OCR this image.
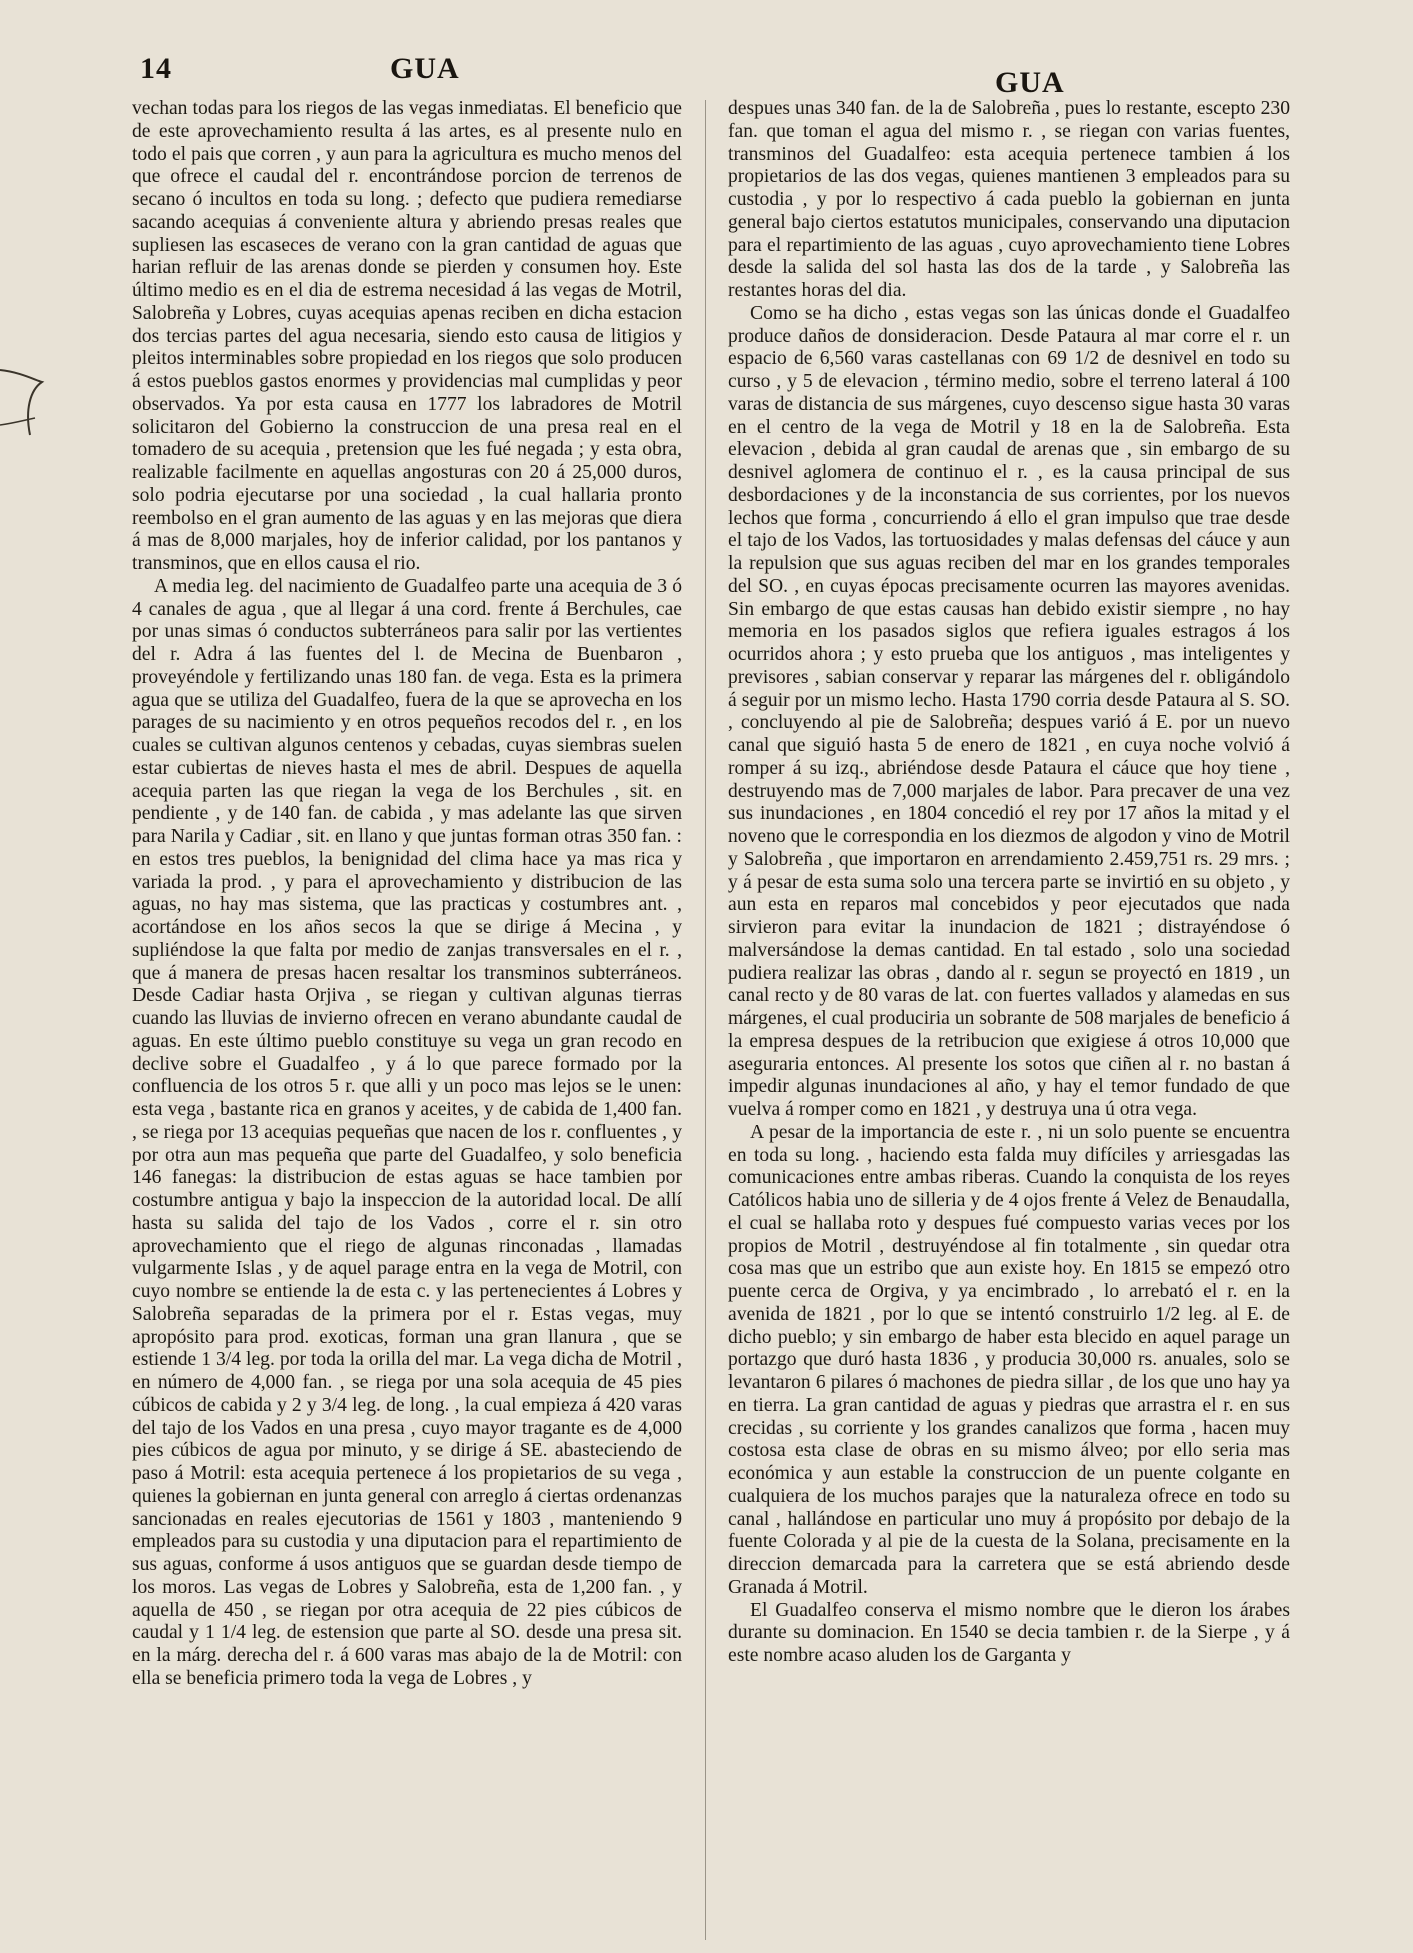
14	GUA	GUA

vechan todas para los riegos de las vegas inmediatas. El beneficio que de este aprovechamiento resulta á las artes, es al presente nulo en todo el pais que corren , y aun para la agricultura es mucho menos del que ofrece el caudal del r. encontrándose porcion de terrenos de secano ó incultos en toda su long. ; defecto que pudiera remediarse sacando acequias á conveniente altura y abriendo presas reales que supliesen las escaseces de verano con la gran cantidad de aguas que harian refluir de las arenas donde se pierden y consumen hoy. Este último medio es en el dia de estrema necesidad á las vegas de Motril, Salobreña y Lobres, cuyas acequias apenas reciben en dicha estacion dos tercias partes del agua necesaria, siendo esto causa de litigios y pleitos interminables sobre propiedad en los riegos que solo producen á estos pueblos gastos enormes y providencias mal cumplidas y peor observados. Ya por esta causa en 1777 los labradores de Motril solicitaron del Gobierno la construccion de una presa real en el tomadero de su acequia , pretension que les fué negada ; y esta obra, realizable facilmente en aquellas angosturas con 20 á 25,000 duros, solo podria ejecutarse por una sociedad , la cual hallaria pronto reembolso en el gran aumento de las aguas y en las mejoras que diera á mas de 8,000 marjales, hoy de inferior calidad, por los pantanos y transminos, que en ellos causa el rio.

A media leg. del nacimiento de Guadalfeo parte una acequia de 3 ó 4 canales de agua , que al llegar á una cord. frente á Berchules, cae por unas simas ó conductos subterráneos para salir por las vertientes del r. Adra á las fuentes del l. de Mecina de Buenbaron , proveyéndole y fertilizando unas 180 fan. de vega. Esta es la primera agua que se utiliza del Guadalfeo, fuera de la que se aprovecha en los parages de su nacimiento y en otros pequeños recodos del r. , en los cuales se cultivan algunos centenos y cebadas, cuyas siembras suelen estar cubiertas de nieves hasta el mes de abril. Despues de aquella acequia parten las que riegan la vega de los Berchules , sit. en pendiente , y de 140 fan. de cabida , y mas adelante las que sirven para Narila y Cadiar , sit. en llano y que juntas forman otras 350 fan. : en estos tres pueblos, la benignidad del clima hace ya mas rica y variada la prod. , y para el aprovechamiento y distribucion de las aguas, no hay mas sistema, que las practicas y costumbres ant. , acortándose en los años secos la que se dirige á Mecina , y supliéndose la que falta por medio de zanjas transversales en el r. , que á manera de presas hacen resaltar los transminos subterráneos. Desde Cadiar hasta Orjiva , se riegan y cultivan algunas tierras cuando las lluvias de invierno ofrecen en verano abundante caudal de aguas. En este último pueblo constituye su vega un gran recodo en declive sobre el Guadalfeo , y á lo que parece formado por la confluencia de los otros 5 r. que alli y un poco mas lejos se le unen: esta vega , bastante rica en granos y aceites, y de cabida de 1,400 fan. , se riega por 13 acequias pequeñas que nacen de los r. confluentes , y por otra aun mas pequeña que parte del Guadalfeo, y solo beneficia 146 fanegas: la distribucion de estas aguas se hace tambien por costumbre antigua y bajo la inspeccion de la autoridad local. De allí hasta su salida del tajo de los Vados , corre el r. sin otro aprovechamiento que el riego de algunas rinconadas , llamadas vulgarmente Islas , y de aquel parage entra en la vega de Motril, con cuyo nombre se entiende la de esta c. y las pertenecientes á Lobres y Salobreña separadas de la primera por el r. Estas vegas, muy apropósito para prod. exoticas, forman una gran llanura , que se estiende 1 3/4 leg. por toda la orilla del mar. La vega dicha de Motril , en número de 4,000 fan. , se riega por una sola acequia de 45 pies cúbicos de cabida y 2 y 3/4 leg. de long. , la cual empieza á 420 varas del tajo de los Vados en una presa , cuyo mayor tragante es de 4,000 pies cúbicos de agua por minuto, y se dirige á SE. abasteciendo de paso á Motril: esta acequia pertenece á los propietarios de su vega , quienes la gobiernan en junta general con arreglo á ciertas ordenanzas sancionadas en reales ejecutorias de 1561 y 1803 , manteniendo 9 empleados para su custodia y una diputacion para el repartimiento de sus aguas, conforme á usos antiguos que se guardan desde tiempo de los moros. Las vegas de Lobres y Salobreña, esta de 1,200 fan. , y aquella de 450 , se riegan por otra acequia de 22 pies cúbicos de caudal y 1 1/4 leg. de estension que parte al SO. desde una presa sit. en la márg. derecha del r. á 600 varas mas abajo de la de Motril: con ella se beneficia primero toda la vega de Lobres , y

despues unas 340 fan. de la de Salobreña , pues lo restante, escepto 230 fan. que toman el agua del mismo r. , se riegan con varias fuentes, transminos del Guadalfeo: esta acequia pertenece tambien á los propietarios de las dos vegas, quienes mantienen 3 empleados para su custodia , y por lo respectivo á cada pueblo la gobiernan en junta general bajo ciertos estatutos municipales, conservando una diputacion para el repartimiento de las aguas , cuyo aprovechamiento tiene Lobres desde la salida del sol hasta las dos de la tarde , y Salobreña las restantes horas del dia.

Como se ha dicho , estas vegas son las únicas donde el Guadalfeo produce daños de donsideracion. Desde Pataura al mar corre el r. un espacio de 6,560 varas castellanas con 69 1/2 de desnivel en todo su curso , y 5 de elevacion , término medio, sobre el terreno lateral á 100 varas de distancia de sus márgenes, cuyo descenso sigue hasta 30 varas en el centro de la vega de Motril y 18 en la de Salobreña. Esta elevacion , debida al gran caudal de arenas que , sin embargo de su desnivel aglomera de continuo el r. , es la causa principal de sus desbordaciones y de la inconstancia de sus corrientes, por los nuevos lechos que forma , concurriendo á ello el gran impulso que trae desde el tajo de los Vados, las tortuosidades y malas defensas del cáuce y aun la repulsion que sus aguas reciben del mar en los grandes temporales del SO. , en cuyas épocas precisamente ocurren las mayores avenidas. Sin embargo de que estas causas han debido existir siempre , no hay memoria en los pasados siglos que refiera iguales estragos á los ocurridos ahora ; y esto prueba que los antiguos , mas inteligentes y previsores , sabian conservar y reparar las márgenes del r. obligándolo á seguir por un mismo lecho. Hasta 1790 corria desde Pataura al S. SO. , concluyendo al pie de Salobreña; despues varió á E. por un nuevo canal que siguió hasta 5 de enero de 1821 , en cuya noche volvió á romper á su izq., abriéndose desde Pataura el cáuce que hoy tiene , destruyendo mas de 7,000 marjales de labor. Para precaver de una vez sus inundaciones , en 1804 concedió el rey por 17 años la mitad y el noveno que le correspondia en los diezmos de algodon y vino de Motril y Salobreña , que importaron en arrendamiento 2.459,751 rs. 29 mrs. ; y á pesar de esta suma solo una tercera parte se invirtió en su objeto , y aun esta en reparos mal concebidos y peor ejecutados que nada sirvieron para evitar la inundacion de 1821 ; distrayéndose ó malversándose la demas cantidad. En tal estado , solo una sociedad pudiera realizar las obras , dando al r. segun se proyectó en 1819 , un canal recto y de 80 varas de lat. con fuertes vallados y alamedas en sus márgenes, el cual produciria un sobrante de 508 marjales de beneficio á la empresa despues de la retribucion que exigiese á otros 10,000 que aseguraria entonces. Al presente los sotos que ciñen al r. no bastan á impedir algunas inundaciones al año, y hay el temor fundado de que vuelva á romper como en 1821 , y destruya una ú otra vega.

A pesar de la importancia de este r. , ni un solo puente se encuentra en toda su long. , haciendo esta falda muy difíciles y arriesgadas las comunicaciones entre ambas riberas. Cuando la conquista de los reyes Católicos habia uno de silleria y de 4 ojos frente á Velez de Benaudalla, el cual se hallaba roto y despues fué compuesto varias veces por los propios de Motril , destruyéndose al fin totalmente , sin quedar otra cosa mas que un estribo que aun existe hoy. En 1815 se empezó otro puente cerca de Orgiva, y ya encimbrado , lo arrebató el r. en la avenida de 1821 , por lo que se intentó construirlo 1/2 leg. al E. de dicho pueblo; y sin embargo de haber esta blecido en aquel parage un portazgo que duró hasta 1836 , y producia 30,000 rs. anuales, solo se levantaron 6 pilares ó machones de piedra sillar , de los que uno hay ya en tierra. La gran cantidad de aguas y piedras que arrastra el r. en sus crecidas , su corriente y los grandes canalizos que forma , hacen muy costosa esta clase de obras en su mismo álveo; por ello seria mas económica y aun estable la construccion de un puente colgante en cualquiera de los muchos parajes que la naturaleza ofrece en todo su canal , hallándose en particular uno muy á propósito por debajo de la fuente Colorada y al pie de la cuesta de la Solana, precisamente en la direccion demarcada para la carretera que se está abriendo desde Granada á Motril.

El Guadalfeo conserva el mismo nombre que le dieron los árabes durante su dominacion. En 1540 se decia tambien r. de la Sierpe , y á este nombre acaso aluden los de Garganta y
